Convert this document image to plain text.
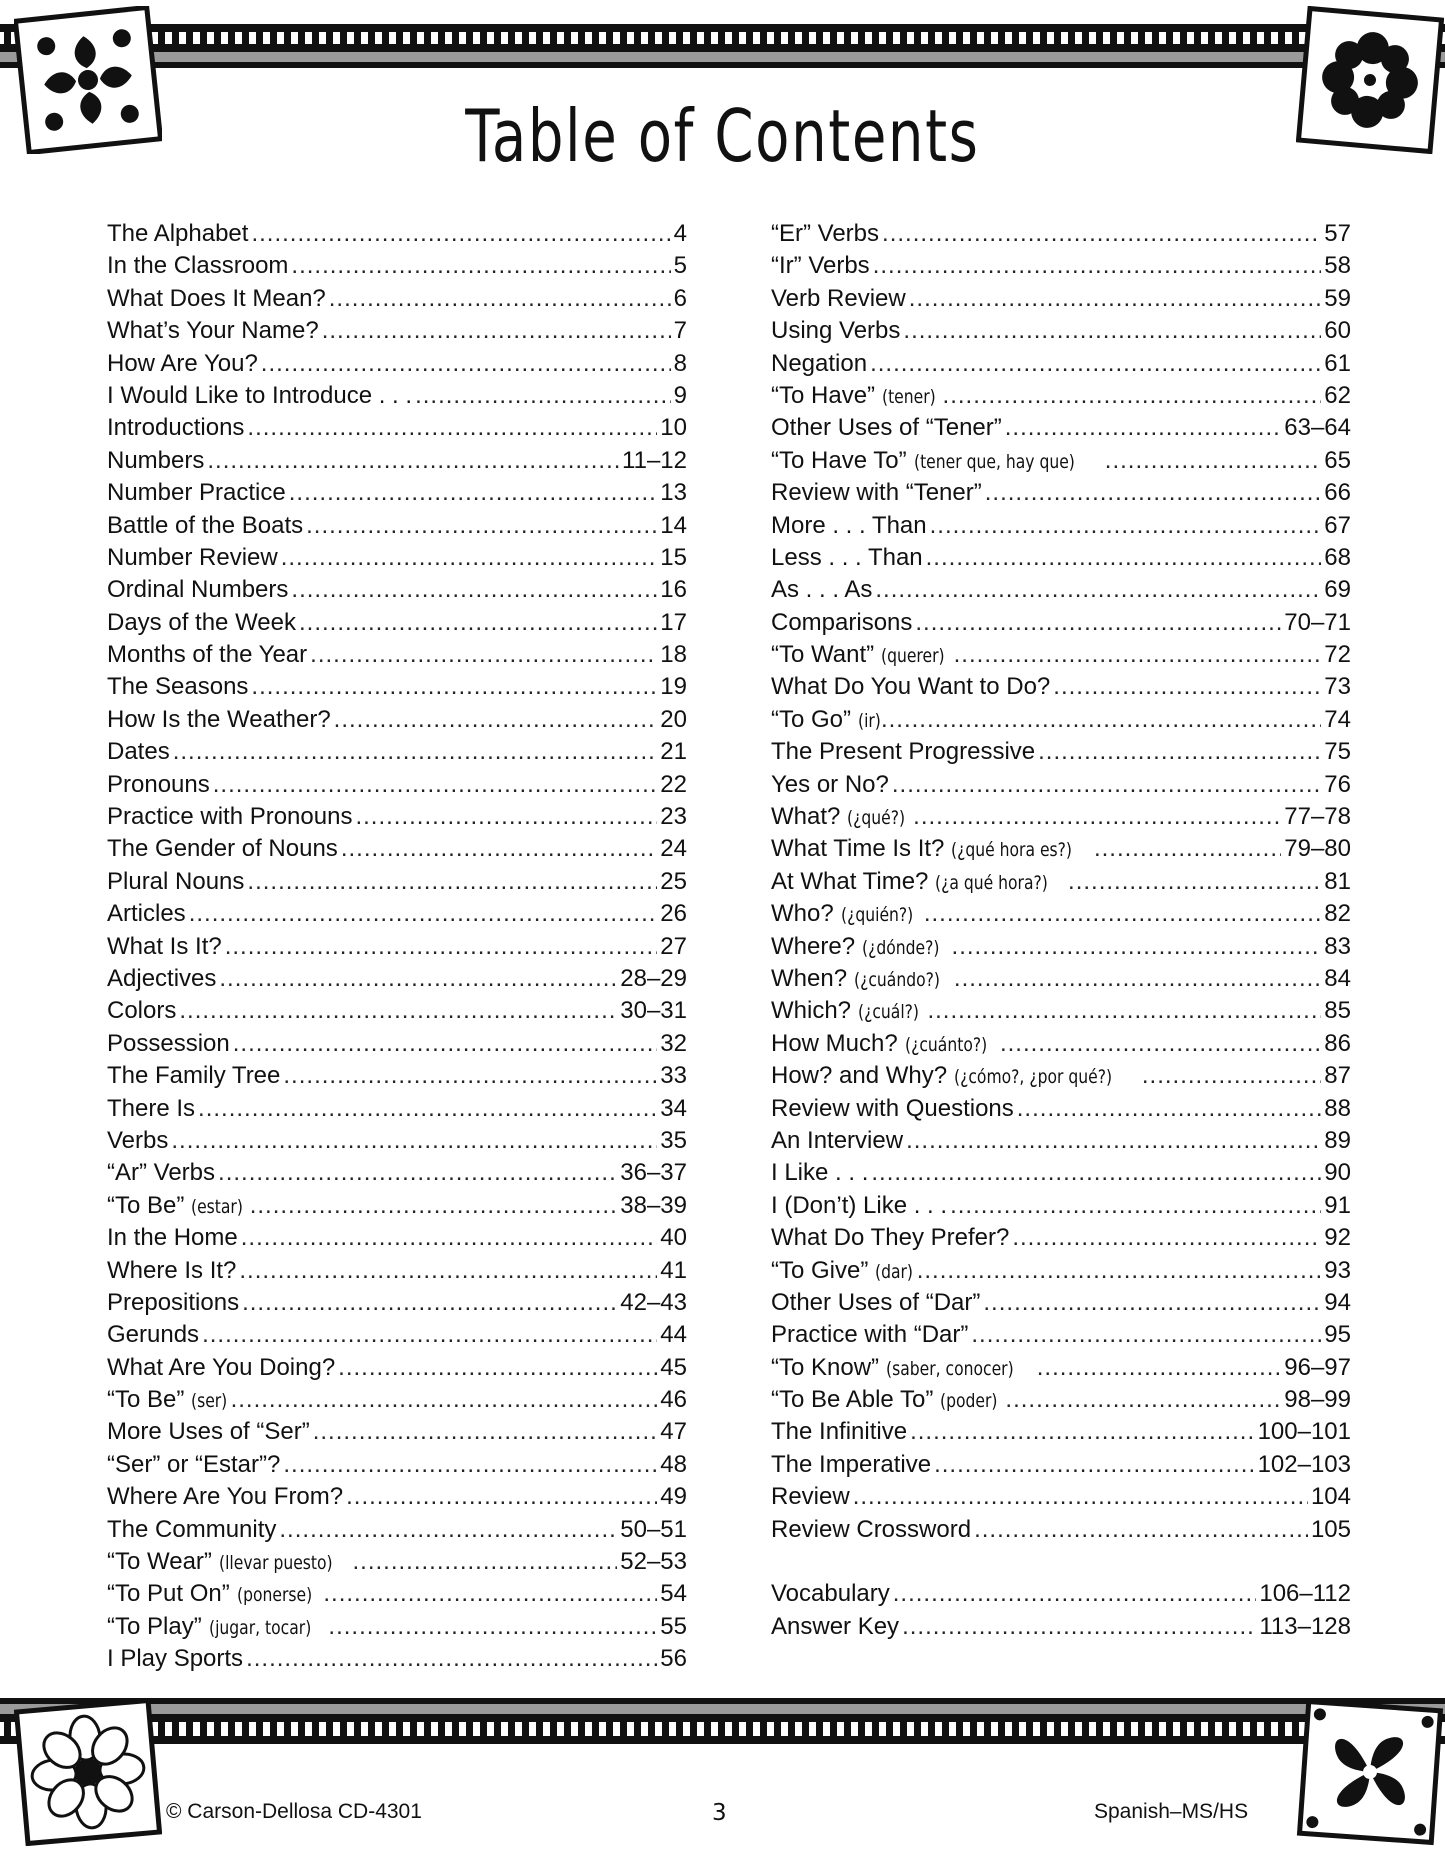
Table of Contents
The Alphabet .....	4
In the Classroom .....	5
What Does It Mean? .....	6
What’s Your Name? .....	7
How Are You? .....	8
I Would Like to Introduce . . . .....	9
Introductions .....	10
Numbers .....	11–12
Number Practice .....	13
Battle of the Boats .....	14
Number Review .....	15
Ordinal Numbers .....	16
Days of the Week .....	17
Months of the Year .....	18
The Seasons .....	19
How Is the Weather? .....	20
Dates .....	21
Pronouns .....	22
Practice with Pronouns .....	23
The Gender of Nouns .....	24
Plural Nouns .....	25
Articles .....	26
What Is It? .....	27
Adjectives .....	28–29
Colors .....	30–31
Possession .....	32
The Family Tree .....	33
There Is .....	34
Verbs .....	35
“Ar” Verbs .....	36–37
“To Be” (estar) .....	38–39
In the Home .....	40
Where Is It? .....	41
Prepositions .....	42–43
Gerunds .....	44
What Are You Doing? .....	45
“To Be” (ser) .....	46
More Uses of “Ser” .....	47
“Ser” or “Estar”? .....	48
Where Are You From? .....	49
The Community .....	50–51
“To Wear” (llevar puesto) .....	52–53
“To Put On” (ponerse) .....	54
“To Play” (jugar, tocar) .....	55
I Play Sports .....	56
“Er” Verbs .....	57
“Ir” Verbs .....	58
Verb Review .....	59
Using Verbs .....	60
Negation .....	61
“To Have” (tener) .....	62
Other Uses of “Tener” .....	63–64
“To Have To” (tener que, hay que) .....	65
Review with “Tener” .....	66
More . . . Than .....	67
Less . . . Than .....	68
As . . . As .....	69
Comparisons .....	70–71
“To Want” (querer) .....	72
What Do You Want to Do? .....	73
“To Go” (ir) .....	74
The Present Progressive .....	75
Yes or No? .....	76
What? (¿qué?) .....	77–78
What Time Is It? (¿qué hora es?) .....	79–80
At What Time? (¿a qué hora?) .....	81
Who? (¿quién?) .....	82
Where? (¿dónde?) .....	83
When? (¿cuándo?) .....	84
Which? (¿cuál?) .....	85
How Much? (¿cuánto?) .....	86
How? and Why? (¿cómo?, ¿por qué?) .....	87
Review with Questions .....	88
An Interview .....	89
I Like . . . .....	90
I (Don’t) Like . . . .....	91
What Do They Prefer? .....	92
“To Give” (dar) .....	93
Other Uses of “Dar” .....	94
Practice with “Dar” .....	95
“To Know” (saber, conocer) .....	96–97
“To Be Able To” (poder) .....	98–99
The Infinitive .....	100–101
The Imperative .....	102–103
Review .....	104
Review Crossword .....	105
Vocabulary .....	106–112
Answer Key .....	113–128
© Carson-Dellosa CD-4301	3	Spanish–MS/HS
